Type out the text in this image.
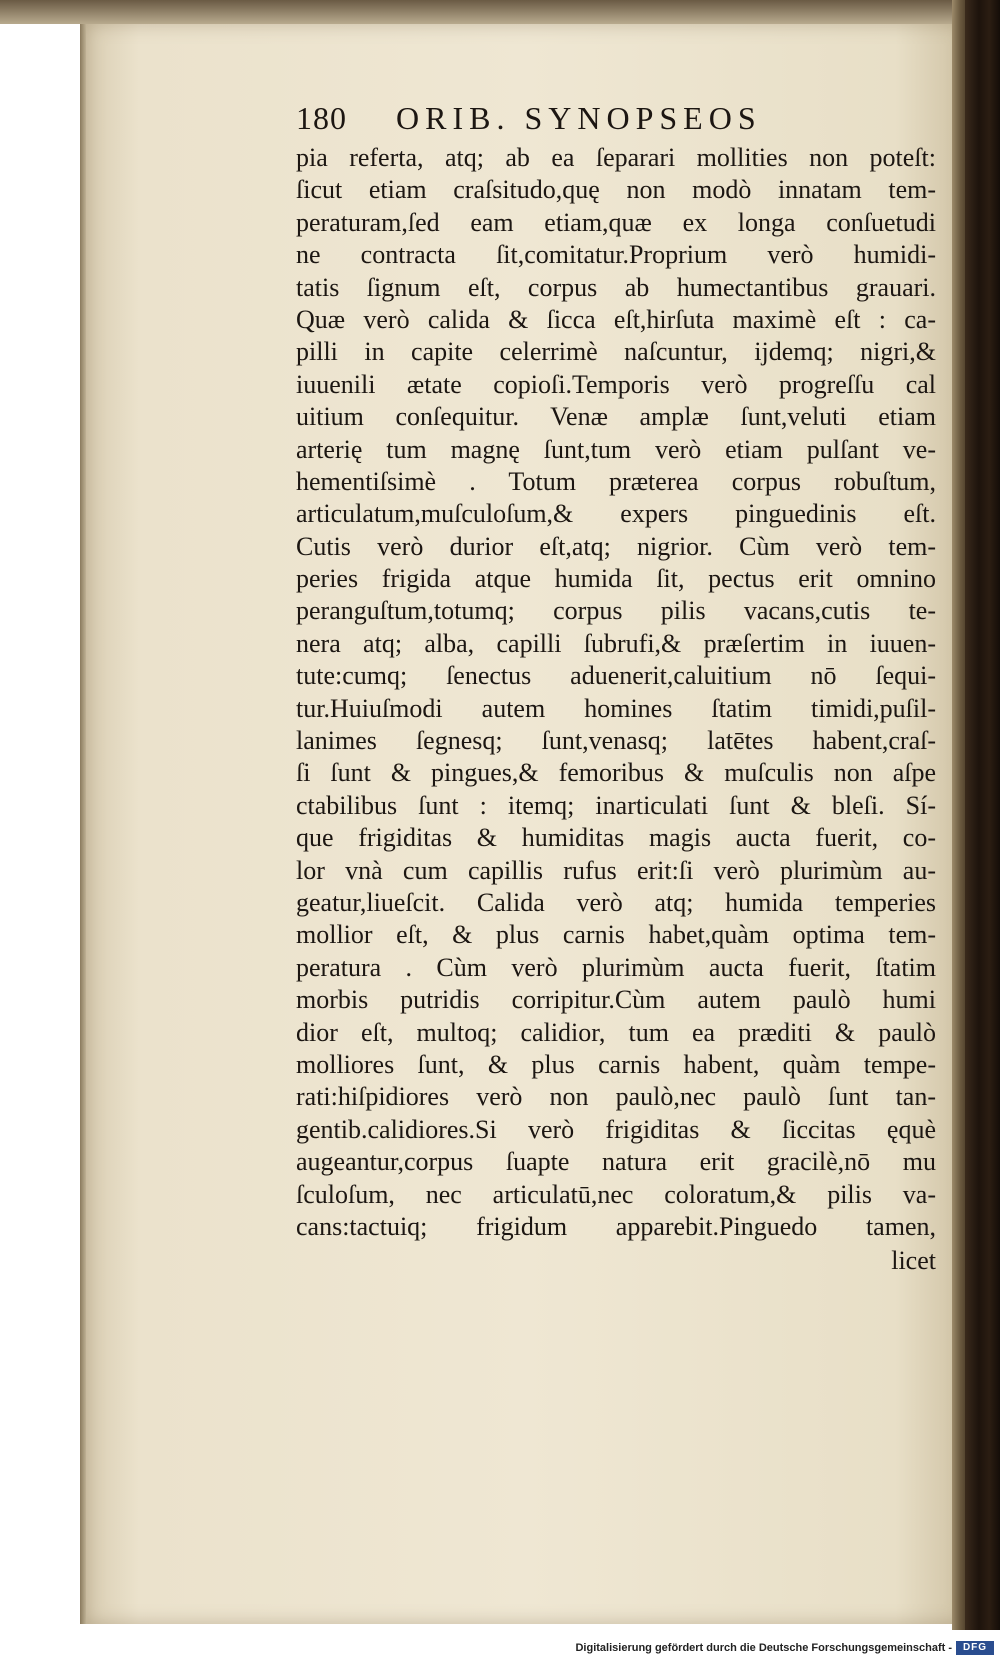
180 ORIB. SYNOPSEOS
pia referta, atq; ab ea ſeparari mollities non poteſt:
ſicut etiam craſsitudo,quę non modò innatam tem-
peraturam,ſed eam etiam,quæ ex longa conſuetudi
ne contracta ſit,comitatur.Proprium verò humidi-
tatis ſignum eſt, corpus ab humectantibus grauari.
Quæ verò calida & ſicca eſt,hirſuta maximè eſt : ca-
pilli in capite celerrimè naſcuntur, ijdemq; nigri,&
iuuenili ætate copioſi.Temporis verò progreſſu cal
uitium conſequitur. Venæ amplæ ſunt,veluti etiam
arterię tum magnę ſunt,tum verò etiam pulſant ve-
hementiſsimè . Totum præterea corpus robuſtum,
articulatum,muſculoſum,& expers pinguedinis eſt.
Cutis verò durior eſt,atq; nigrior. Cùm verò tem-
peries frigida atque humida ſit, pectus erit omnino
peranguſtum,totumq; corpus pilis vacans,cutis te-
nera atq; alba, capilli ſubrufi,& præſertim in iuuen-
tute:cumq; ſenectus aduenerit,caluitium nō ſequi-
tur.Huiuſmodi autem homines ſtatim timidi,puſil-
lanimes ſegnesq; ſunt,venasq; latētes habent,craſ-
ſi ſunt & pingues,& femoribus & muſculis non aſpe
ctabilibus ſunt : itemq; inarticulati ſunt & bleſi. Sí-
que frigiditas & humiditas magis aucta fuerit, co-
lor vnà cum capillis rufus erit:ſi verò plurimùm au-
geatur,liueſcit. Calida verò atq; humida temperies
mollior eſt, & plus carnis habet,quàm optima tem-
peratura . Cùm verò plurimùm aucta fuerit, ſtatim
morbis putridis corripitur.Cùm autem paulò humi
dior eſt, multoq; calidior, tum ea præditi & paulò
molliores ſunt, & plus carnis habent, quàm tempe-
rati:hiſpidiores verò non paulò,nec paulò ſunt tan-
gentib.calidiores.Si verò frigiditas & ſiccitas ęquè
augeantur,corpus ſuapte natura erit gracilè,nō mu
ſculoſum, nec articulatū,nec coloratum,& pilis va-
cans:tactuiq; frigidum apparebit.Pinguedo tamen,
licet
Digitalisierung gefördert durch die Deutsche Forschungsgemeinschaft -	DFG
